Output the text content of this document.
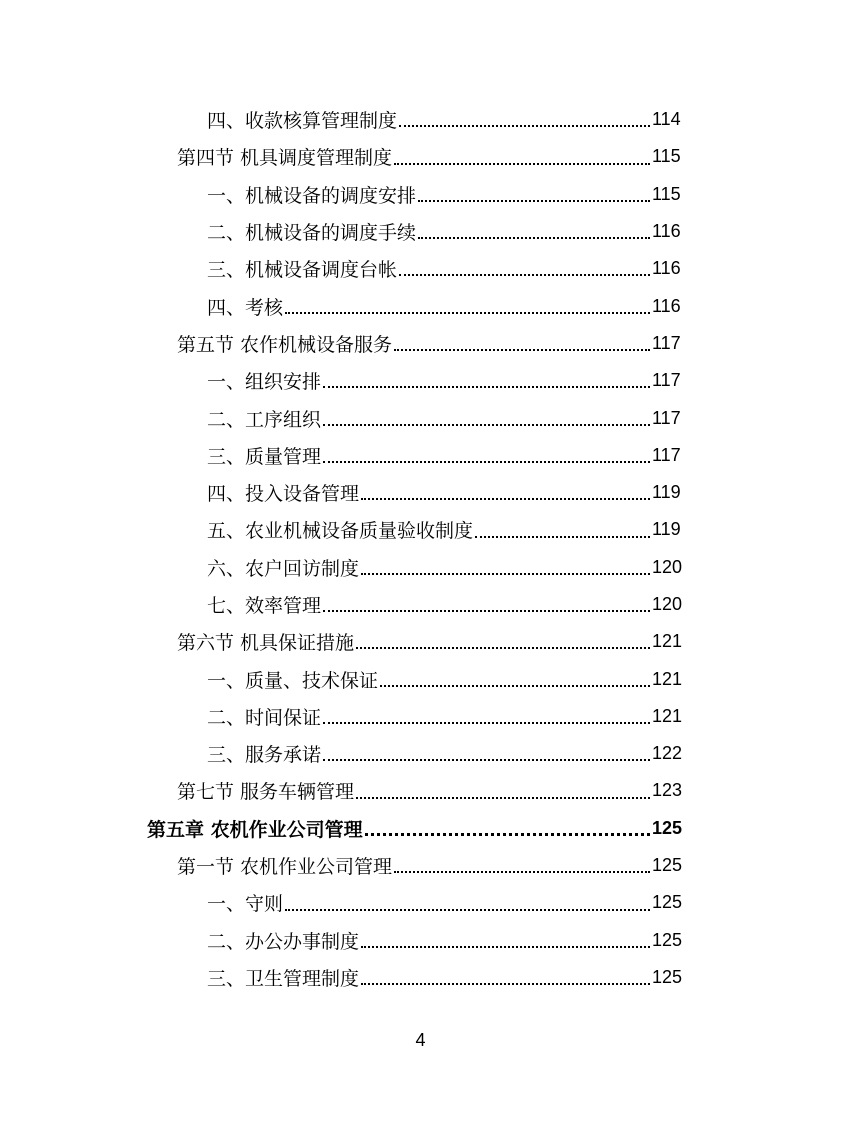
四、收款核算管理制度	114
第四节 机具调度管理制度	115
一、机械设备的调度安排	115
二、机械设备的调度手续	116
三、机械设备调度台帐	116
四、考核	116
第五节 农作机械设备服务	117
一、组织安排	117
二、工序组织	117
三、质量管理	117
四、投入设备管理	119
五、农业机械设备质量验收制度	119
六、农户回访制度	120
七、效率管理	120
第六节 机具保证措施	121
一、质量、技术保证	121
二、时间保证	121
三、服务承诺	122
第七节 服务车辆管理	123
第五章 农机作业公司管理	125
第一节 农机作业公司管理	125
一、守则	125
二、办公办事制度	125
三、卫生管理制度	125
4
